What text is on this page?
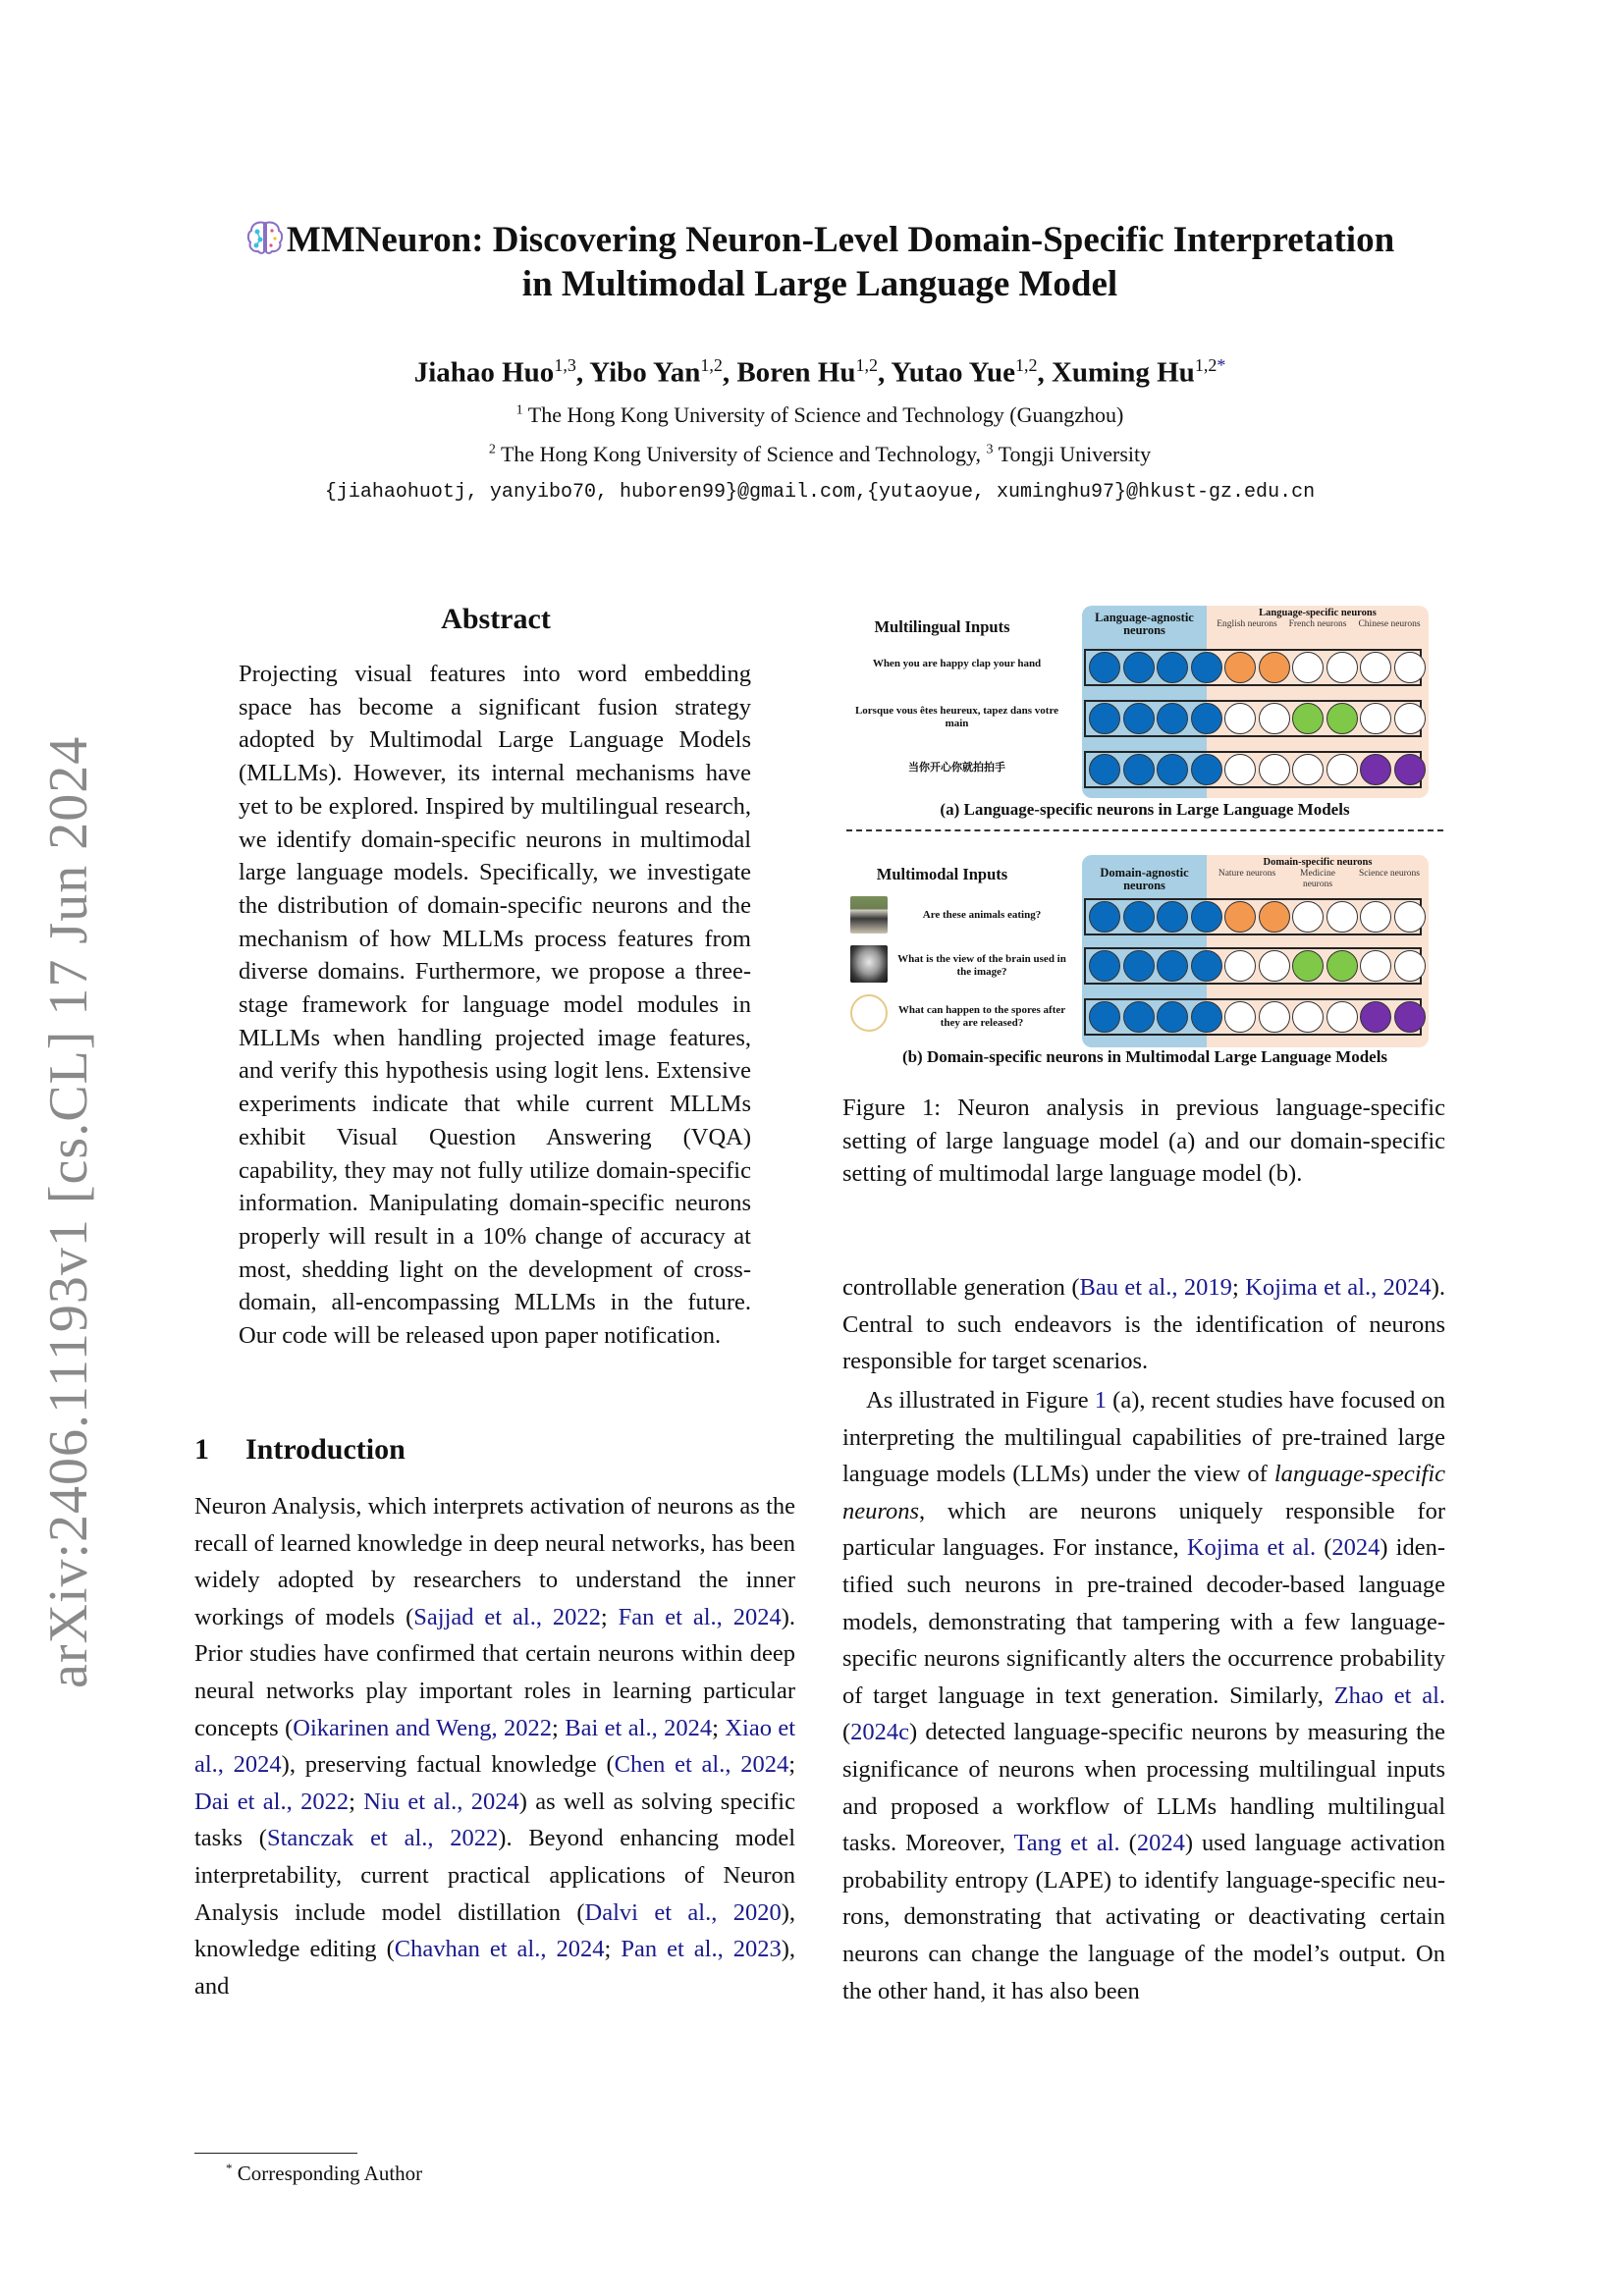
arXiv:2406.11193v1 [cs.CL] 17 Jun 2024
MMNeuron: Discovering Neuron-Level Domain-Specific Interpretation
in Multimodal Large Language Model
Jiahao Huo$^{1,3}$, Yibo Yan$^{1,2}$, Boren Hu$^{1,2}$, Yutao Yue$^{1,2}$, Xuming $Hu^{1,2*}$
$^1$ The Hong Kong University of Science and Technology (Guangzhou)
$^2$ The Hong Kong University of Science and Technology, $^3$ Tongji University
{jiahaohuotj, yanyibo70, huboren99}@gmail.com,{yutaoyue, xuminghu97}@hkust-gz.edu.cn
Abstract
Projecting visual features into word embedding space has become a significant fusion strategy adopted by Multimodal Large Language Models (MLLMs). However, its internal mechanisms have yet to be explored. Inspired by multilingual research, we identify domain-specific neurons in multimodal large language models. Specifically, we investigate the distribution of domain-specific neurons and the mechanism of how MLLMs process features from diverse domains. Furthermore, we propose a three-stage framework for language model modules in MLLMs when handling projected image features, and verify this hypothesis using logit lens. Extensive experiments indicate that while current MLLMs exhibit Visual Question Answering (VQA) capability, they may not fully utilize domain-specific information. Manipulating domain-specific neurons properly will result in a 10% change of accuracy at most, shedding light on the development of cross-domain, all-encompassing MLLMs in the future. Our code will be released upon paper notification.
1 Introduction
Neuron Analysis, which interprets activation of neurons as the recall of learned knowledge in deep neural networks, has been widely adopted by researchers to understand the inner workings of models (Sajjad et al., 2022; Fan et al., 2024). Prior studies have confirmed that certain neurons within deep neural networks play important roles in learning particular concepts (Oikarinen and Weng, 2022; Bai et al., 2024; Xiao et al., 2024), preserving factual knowledge (Chen et al., 2024; Dai et al., 2022; Niu et al., 2024) as well as solving specific tasks (Stanczak et al., 2022). Beyond enhancing model interpretability, current practical applications of Neuron Analysis include model distillation (Dalvi et al., 2020), knowledge editing (Chavhan et al., 2024; Pan et al., 2023), and
* Corresponding Author
Multilingual Inputs	Language-agnostic neurons
Language-specific neurons
English neurons	French neurons	Chinese neurons
When you are happy clap your hand
Lorsque vous êtes heureux, tapez dans votre main
当你开心你就拍拍手
(a) Language-specific neurons in Large Language Models
Multimodal Inputs	Domain-agnostic neurons
Domain-specific neurons
Nature neurons	Medicine neurons
Science neurons
Are these animals eating?
What is the view of the brain used in the image?
What can happen to the spores after they are released?
(b) Domain-specific neurons in Multimodal Large Language Models
Figure 1: Neuron analysis in previous language-specific setting of large language model (a) and our domain-specific setting of multimodal large language model (b).
controllable generation (Bau et al., 2019; Kojima et al., 2024). Central to such endeavors is the identification of neurons responsible for target scenarios.
As illustrated in Figure 1 (a), recent studies have focused on interpreting the multilingual capabilities of pre-trained large language models (LLMs) under the view of language-specific neurons, which are neurons uniquely responsible for particular languages. For instance, Kojima et al. (2024) identified such neurons in pre-trained decoder-based language models, demonstrating that tampering with a few language-specific neurons significantly alters the occurrence probability of target language in text generation. Similarly, Zhao et al. (2024c) detected language-specific neurons by measuring the significance of neurons when processing multilingual inputs and proposed a workflow of LLMs handling multilingual tasks. Moreover, Tang et al. (2024) used language activation probability entropy (LAPE) to identify language-specific neurons, demonstrating that activating or deactivating certain neurons can change the language of the model’s output. On the other hand, it has also been
